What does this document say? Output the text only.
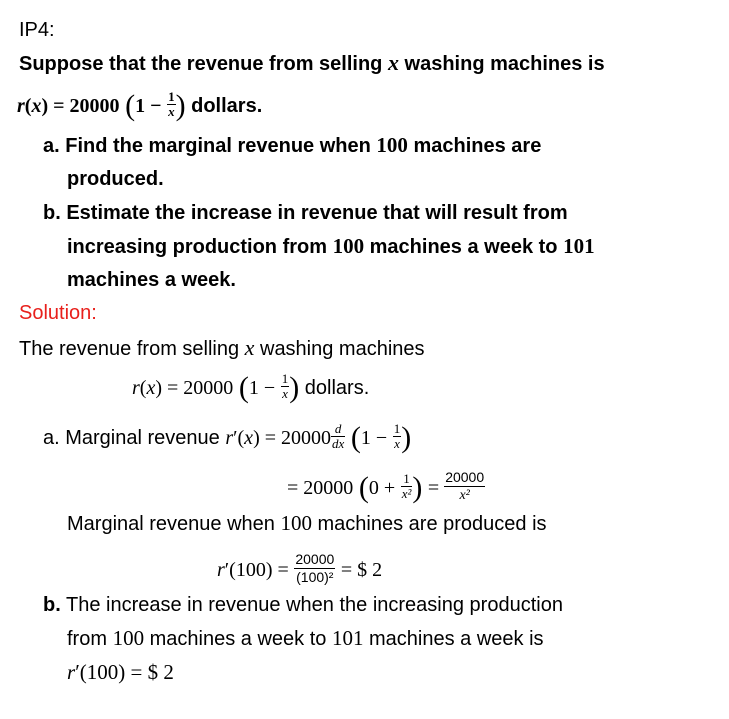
IP4:
Suppose that the revenue from selling x washing machines is
r(x) = 20000 ($1 - \frac{1}{x}$ ) dollars.
a. Find the marginal revenue when 100 machines are
produced.
b. Estimate the increase in revenue that will result from
increasing production from 100 machines a week to 101
machines a week.
Solution:
The revenue from selling x washing machines
r(x) = 20000 ($1 - \frac{1}{x}$ ) dollars.
a. Marginal revenue $r'(x) = 20000 \frac{d}{dx} (1 - \frac{1}{x}$ )
= 20000 ($0 + \frac{1}{\text{x²}}$ ) = $\frac{20000}{\text{x²}}$
Marginal revenue when 100 machines are produced is
$r'(100) = \frac{20000}{\text{(100)²}}$ = $ 2
b. The increase in revenue when the increasing production
from 100 machines a week to 101 machines a week is
r′(100) = $ 2
